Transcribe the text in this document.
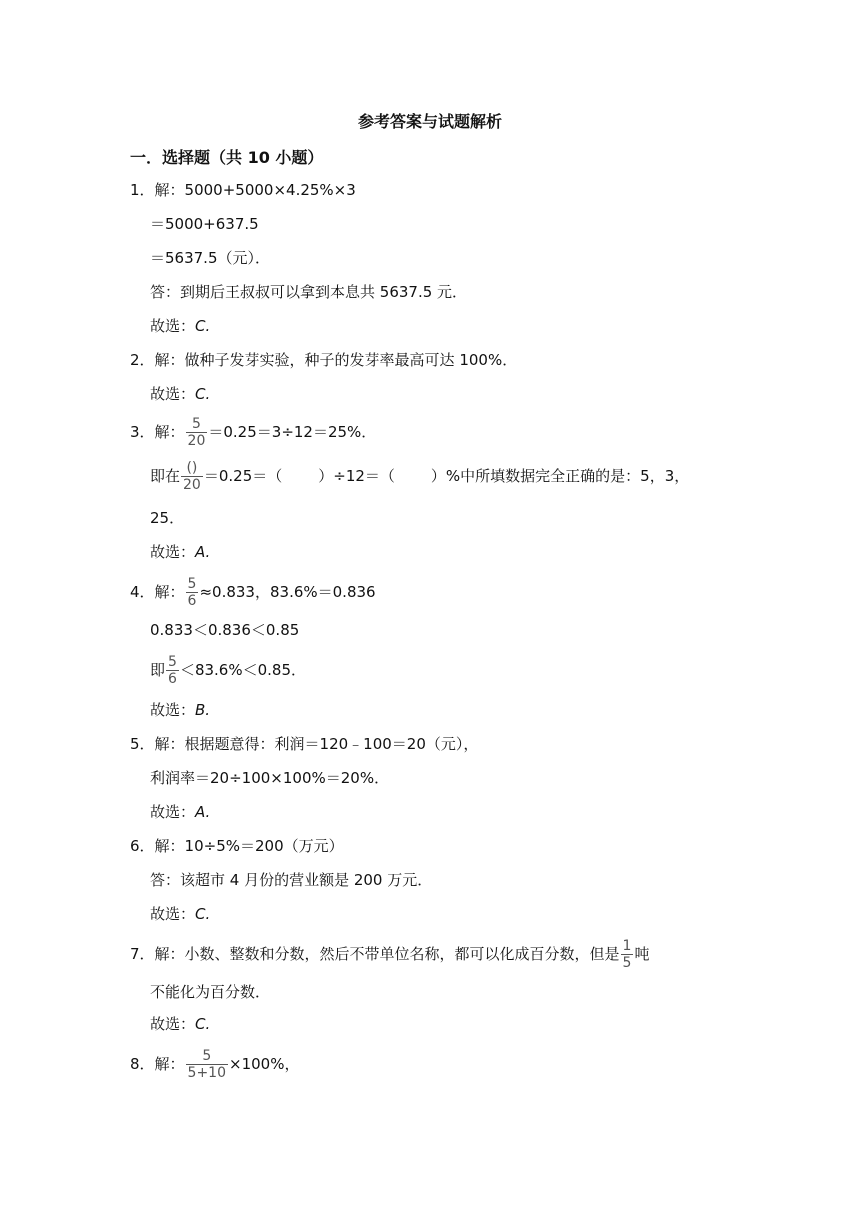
参考答案与试题解析
一．选择题（共 10 小题）
1．解：5000+5000×4.25%×3
＝5000+637.5
＝5637.5（元）．
答：到期后王叔叔可以拿到本息共 5637.5 元．
故选：C.
2．解：做种子发芽实验，种子的发芽率最高可达 100%．
故选：C.
3．解： $\frac{5}{20} =0.25=3\div 12=25\%$．
即在 $\frac{()}{20} =0.25=$（ ）÷12＝（ ）%中所填数据完全正确的是：5，3，
25．
故选：A.
4．解： $\frac{5}{6} \approx 0.833$，83.6%＝0.836
0.833＜0.836＜0.85
即 $\frac{5}{6} <83.6\%<0.85$．
故选：B.
5．解：根据题意得：利润＝120﹣100＝20（元），
利润率＝20÷100×100%＝20%．
故选：A.
6．解：10÷5%＝200（万元）
答：该超市 4 月份的营业额是 200 万元．
故选：C.
7．解：小数、整数和分数，然后不带单位名称，都可以化成百分数，但是 $\frac{1}{5}$ 吨
不能化为百分数．
故选：C.
8．解： $\frac{5}{5+10} \times 100\%$，
